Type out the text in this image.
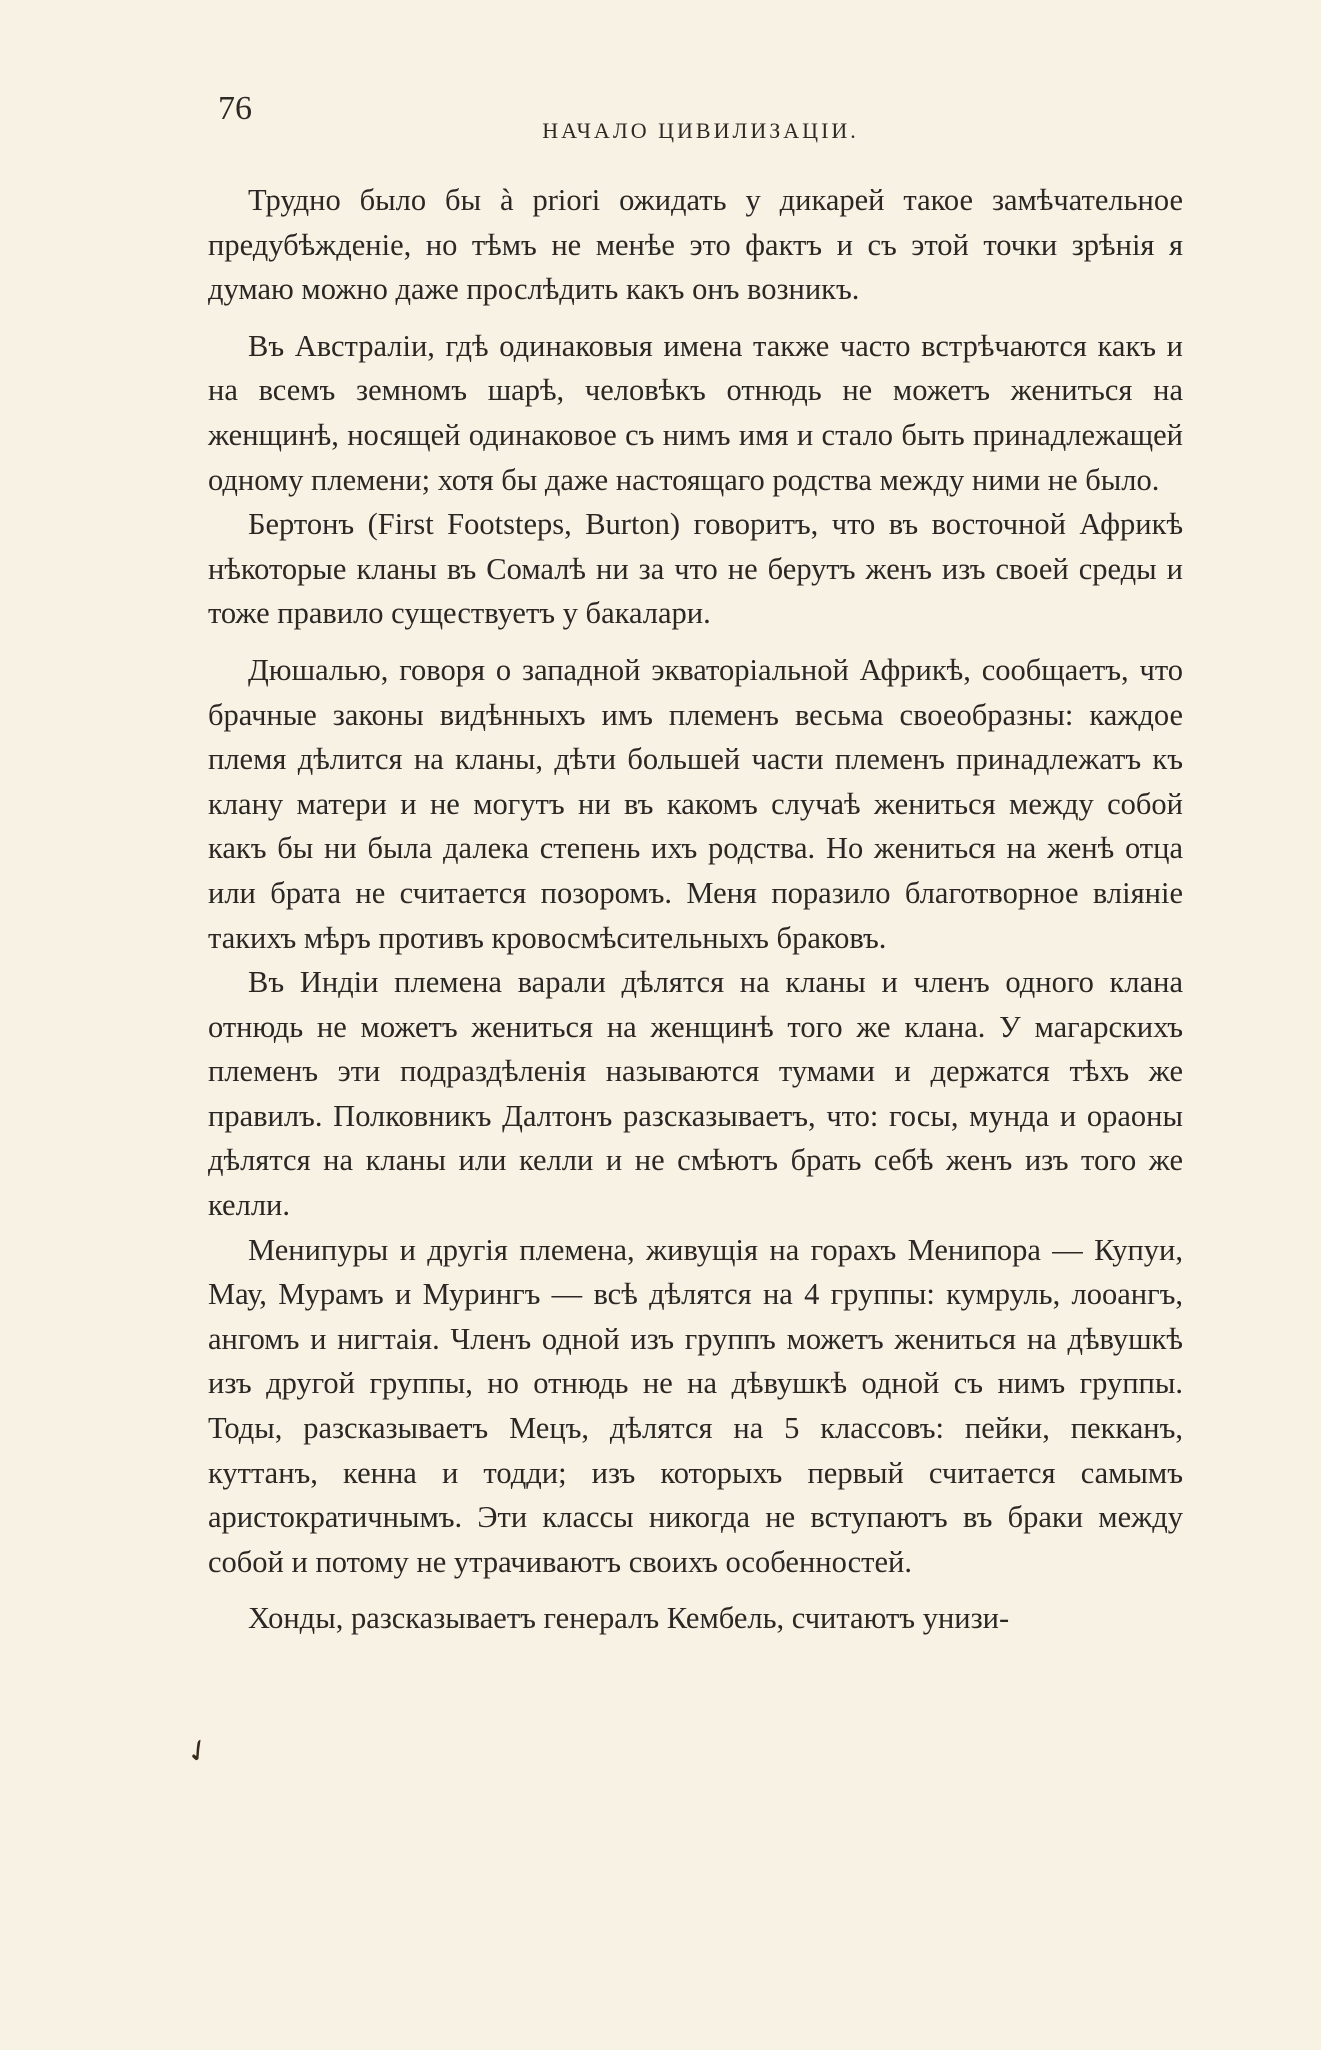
76
НАЧАЛО ЦИВИЛИЗАЦІИ.

Трудно было бы à priori ожидать у дикарей такое замѣчательное предубѣжденіе, но тѣмъ не менѣе это фактъ и съ этой точки зрѣнія я думаю можно даже прослѣдить какъ онъ возникъ.

Въ Австраліи, гдѣ одинаковыя имена также часто встрѣчаются какъ и на всемъ земномъ шарѣ, человѣкъ отнюдь не можетъ жениться на женщинѣ, носящей одинаковое съ нимъ имя и стало быть принадлежащей одному племени; хотя бы даже настоящаго родства между ними не было.

Бертонъ (First Footsteps, Burton) говоритъ, что въ восточной Африкѣ нѣкоторые кланы въ Сомалѣ ни за что не берутъ женъ изъ своей среды и тоже правило существуетъ у бакалари.

Дюшалью, говоря о западной экваторіальной Африкѣ, сообщаетъ, что брачные законы видѣнныхъ имъ племенъ весьма своеобразны: каждое племя дѣлится на кланы, дѣти большей части племенъ принадлежатъ къ клану матери и не могутъ ни въ какомъ случаѣ жениться между собой какъ бы ни была далека степень ихъ родства. Но жениться на женѣ отца или брата не считается позоромъ. Меня поразило благотворное вліяніе такихъ мѣръ противъ кровосмѣсительныхъ браковъ.

Въ Индіи племена варали дѣлятся на кланы и членъ одного клана отнюдь не можетъ жениться на женщинѣ того же клана. У магарскихъ племенъ эти подраздѣленія называются тумами и держатся тѣхъ же правилъ. Полковникъ Далтонъ разсказываетъ, что: госы, мунда и ораоны дѣлятся на кланы или келли и не смѣютъ брать себѣ женъ изъ того же келли.

Менипуры и другія племена, живущія на горахъ Менипора — Купуи, Мау, Мурамъ и Мурингъ — всѣ дѣлятся на 4 группы: кумруль, лооангъ, ангомъ и нигтаія. Членъ одной изъ группъ можетъ жениться на дѣвушкѣ изъ другой группы, но отнюдь не на дѣвушкѣ одной съ нимъ группы. Тоды, разсказываетъ Мецъ, дѣлятся на 5 классовъ: пейки, пекканъ, куттанъ, кенна и тодди; изъ которыхъ первый считается самымъ аристократичнымъ. Эти классы никогда не вступаютъ въ браки между собой и потому не утрачиваютъ своихъ особенностей.

Хонды, разсказываетъ генералъ Кембель, считаютъ унизи-

✓
